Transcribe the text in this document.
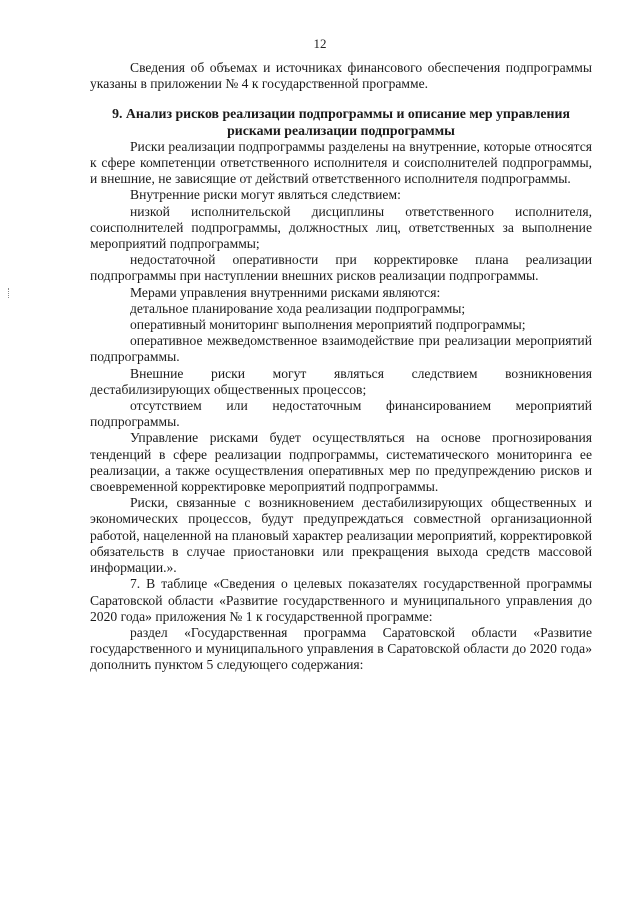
12

Сведения об объемах и источниках финансового обеспечения подпрограммы указаны в приложении № 4 к государственной программе.

9. Анализ рисков реализации подпрограммы и описание мер управления рисками реализации подпрограммы

Риски реализации подпрограммы разделены на внутренние, которые относятся к сфере компетенции ответственного исполнителя и соисполнителей подпрограммы, и внешние, не зависящие от действий ответственного исполнителя подпрограммы.

Внутренние риски могут являться следствием:

низкой исполнительской дисциплины ответственного исполнителя, соисполнителей подпрограммы, должностных лиц, ответственных за выполнение мероприятий подпрограммы;

недостаточной оперативности при корректировке плана реализации подпрограммы при наступлении внешних рисков реализации подпрограммы.

Мерами управления внутренними рисками являются:

детальное планирование хода реализации подпрограммы;

оперативный мониторинг выполнения мероприятий подпрограммы;

оперативное межведомственное взаимодействие при реализации мероприятий подпрограммы.

Внешние риски могут являться следствием возникновения дестабилизирующих общественных процессов;

отсутствием или недостаточным финансированием мероприятий подпрограммы.

Управление рисками будет осуществляться на основе прогнозирования тенденций в сфере реализации подпрограммы, систематического мониторинга ее реализации, а также осуществления оперативных мер по предупреждению рисков и своевременной корректировке мероприятий подпрограммы.

Риски, связанные с возникновением дестабилизирующих общественных и экономических процессов, будут предупреждаться совместной организационной работой, нацеленной на плановый характер реализации мероприятий, корректировкой обязательств в случае приостановки или прекращения выхода средств массовой информации.».

7. В таблице «Сведения о целевых показателях государственной программы Саратовской области «Развитие государственного и муниципального управления до 2020 года» приложения № 1 к государственной программе:

раздел «Государственная программа Саратовской области «Развитие государственного и муниципального управления в Саратовской области до 2020 года» дополнить пунктом 5 следующего содержания:
